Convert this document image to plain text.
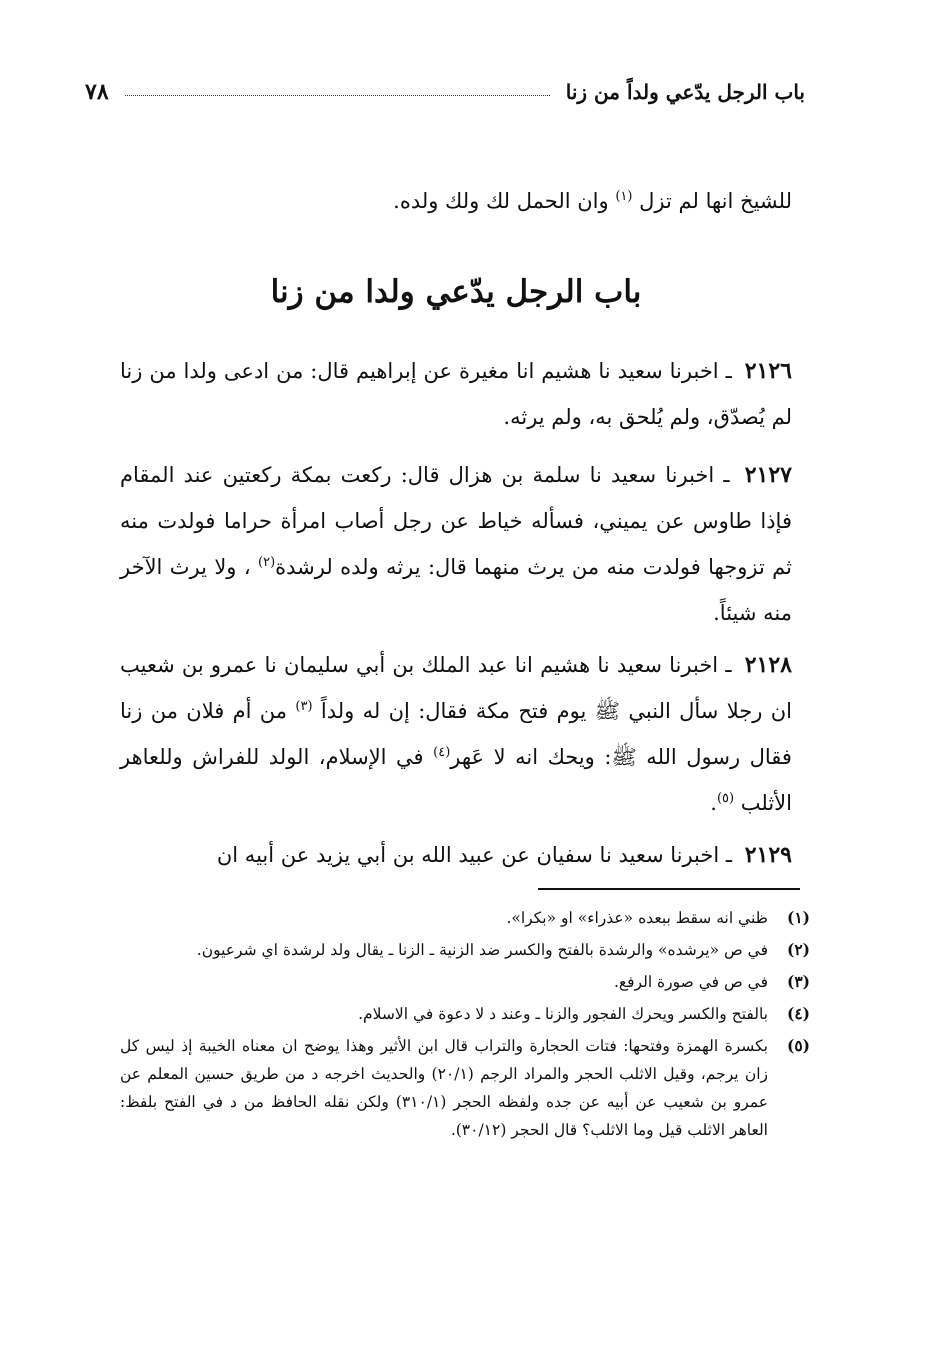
٧٨	باب الرجل يدّعي ولداً من زنا
للشيخ انها لم تزل $^{(١)}$ وان الحمل لك ولك ولده.
باب الرجل يدّعي ولدا من زنا
٢١٢٦ ـ اخبرنا سعيد نا هشيم انا مغيرة عن إبراهيم قال: من ادعى ولدا من زنا لم يُصدّق، ولم يُلحق به، ولم يرثه.
٢١٢٧ ـ اخبرنا سعيد نا سلمة بن هزال قال: ركعت بمكة ركعتين عند المقام فإذا طاوس عن يميني، فسأله خياط عن رجل أصاب امرأة حراما فولدت منه ثم تزوجها فولدت منه من يرث منهما قال: يرثه ولده لرشدة$^{(٢)}$ ، ولا يرث الآخر منه شيئاً.
٢١٢٨ ـ اخبرنا سعيد نا هشيم انا عبد الملك بن أبي سليمان نا عمرو بن شعيب ان رجلا سأل النبي ﷺ يوم فتح مكة فقال: إن له ولداً $^{(٣)}$ من أم فلان من زنا فقال رسول الله ﷺ: ويحك انه لا عَهر$^{(٤)}$ في الإسلام، الولد للفراش وللعاهر الأثلب $^{(٥)}$.
٢١٢٩ ـ اخبرنا سعيد نا سفيان عن عبيد الله بن أبي يزيد عن أبيه ان
(١)
ظني انه سقط ببعده «عذراء» او «بكرا».
(٢)
في ص «يرشده» والرشدة بالفتح والكسر ضد الزنية ـ الزنا ـ يقال ولد لرشدة اي شرعيون.
(٣)
في ص في صورة الرفع.
(٤)
بالفتح والكسر ويحرك الفجور والزنا ـ وعند د لا دعوة في الاسلام.
(٥)
بكسرة الهمزة وفتحها: فتات الحجارة والتراب قال ابن الأثير وهذا يوضح ان معناه الخيبة إذ ليس كل زان يرجم، وقيل الاثلب الحجر والمراد الرجم (٢٠/١) والحديث اخرجه د من طريق حسين المعلم عن عمرو بن شعيب عن أبيه عن جده ولفظه الحجر (٣١٠/١) ولكن نقله الحافظ من د في الفتح بلفظ: العاهر الاثلب قيل وما الاثلب؟ قال الحجر (٣٠/١٢).
